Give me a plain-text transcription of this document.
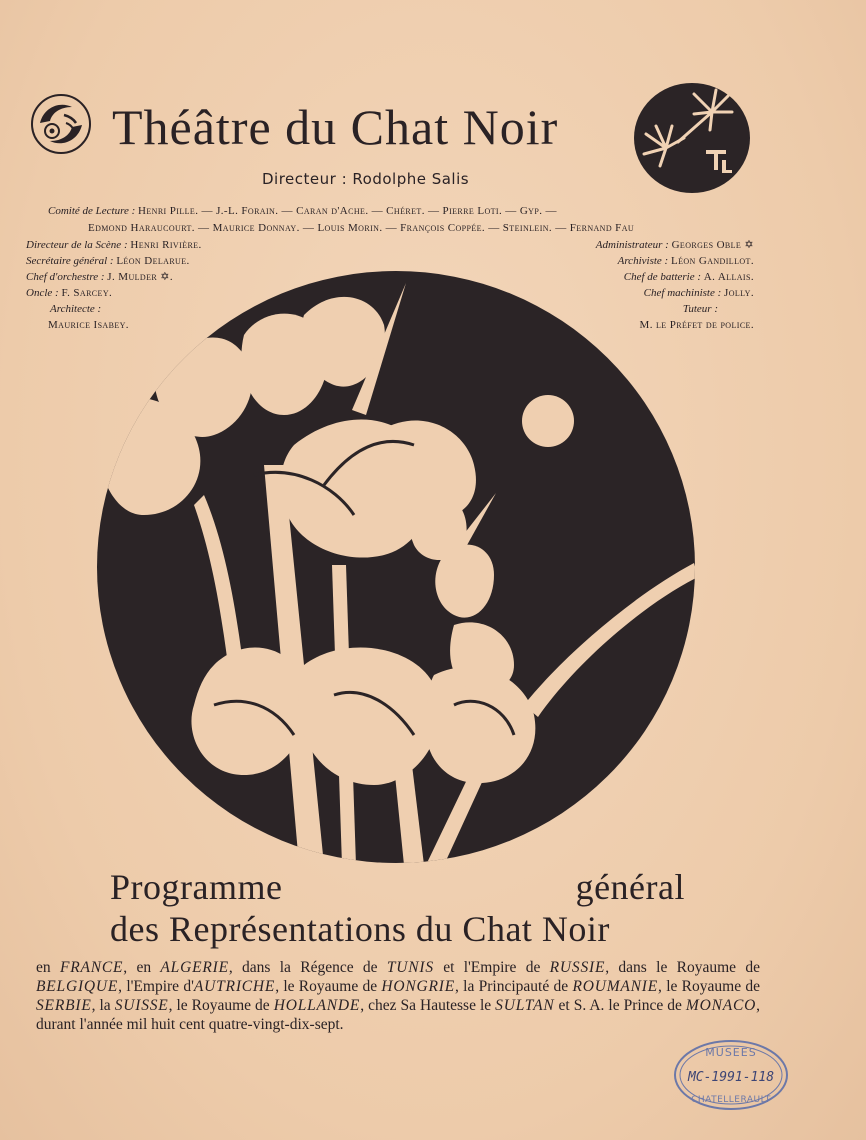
Théâtre du Chat Noir
Directeur : Rodolphe Salis
Comité de Lecture : Henri Pille. — J.-L. Forain. — Caran d'Ache. — Chéret. — Pierre Loti. — Gyp. —
Edmond Haraucourt. — Maurice Donnay. — Louis Morin. — François Coppée. — Steinlein. — Fernand Fau
Directeur de la Scène : Henri Rivière.
Secrétaire général : Léon Delarue.
Chef d'orchestre : J. Mulder ✡.
Oncle : F. Sarcey.
Architecte :
Maurice Isabey.
Administrateur : Georges Oble ✡
Archiviste : Léon Gandillot.
Chef de batterie : A. Allais.
Chef machiniste : Jolly.
Tuteur :
M. le Préfet de police.
Programme	général
des Représentations du Chat Noir
en FRANCE, en ALGERIE, dans la Régence de TUNIS et l'Empire de RUSSIE, dans le Royaume de BELGIQUE, l'Empire d'AUTRICHE, le Royaume de HONGRIE, la Principauté de ROUMANIE, le Royaume de SERBIE, la SUISSE, le Royaume de HOLLANDE, chez Sa Hautesse le SULTAN et S. A. le Prince de MONACO, durant l'année mil huit cent quatre-vingt-dix-sept.
MUSEES
MC-1991-118
CHATELLERAULT
